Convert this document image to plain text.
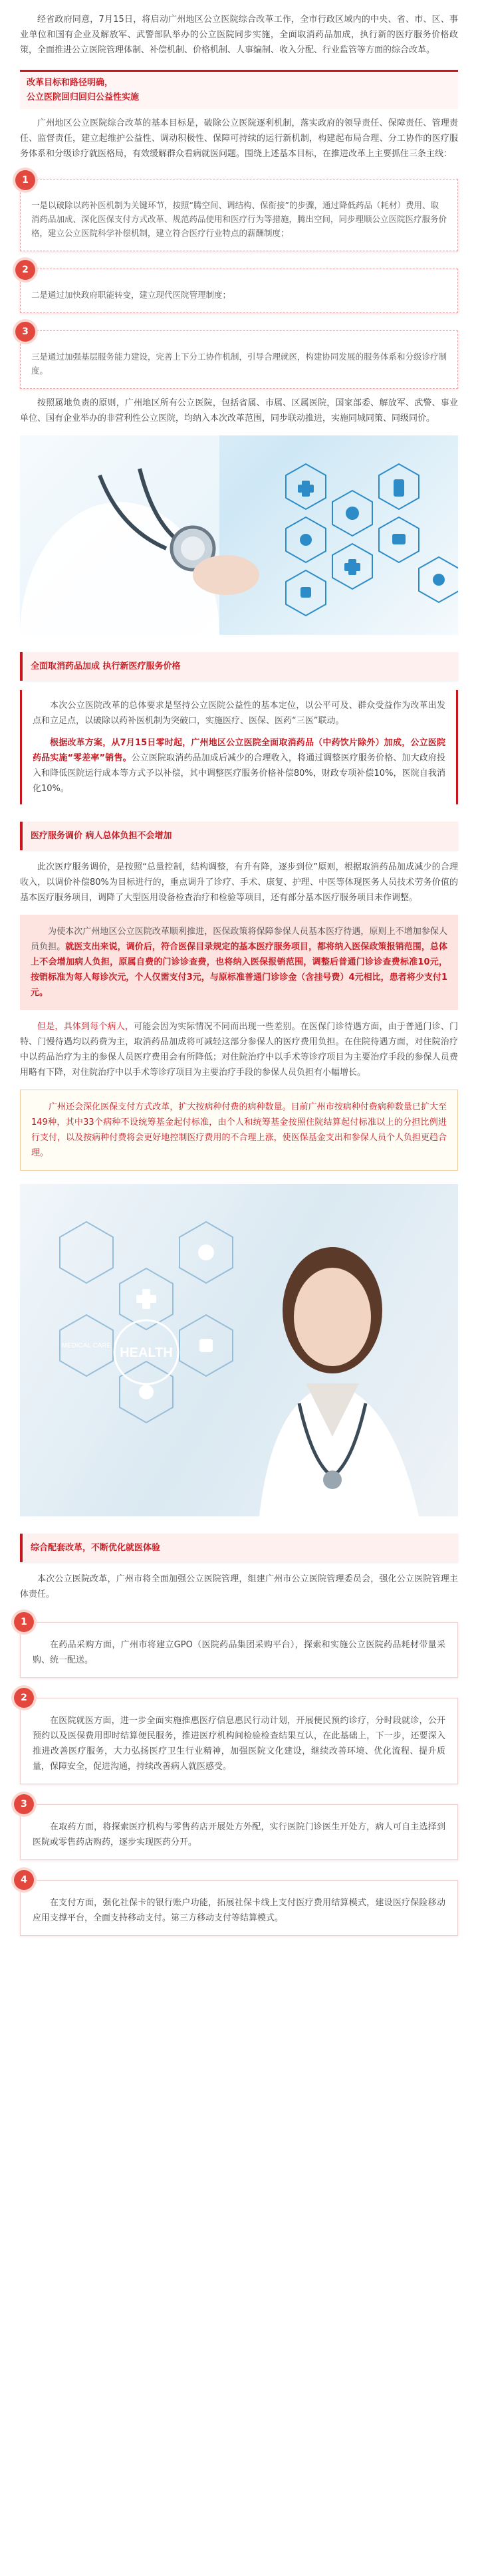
经省政府同意，7月15日，将启动广州地区公立医院综合改革工作，全市行政区域内的中央、省、市、区、事业单位和国有企业及解放军、武警部队举办的公立医院同步实施，全面取消药品加成，执行新的医疗服务价格政策，全面推进公立医院管理体制、补偿机制、价格机制、人事编制、收入分配、行业监管等方面的综合改革。

改革目标和路径明确，
公立医院回归回归公益性实施

广州地区公立医院综合改革的基本目标是，破除公立医院逐利机制，落实政府的领导责任、保障责任、管理责任、监督责任，建立起维护公益性、调动积极性、保障可持续的运行新机制，构建起布局合理、分工协作的医疗服务体系和分级诊疗就医格局，有效缓解群众看病就医问题。围绕上述基本目标，在推进改革上主要抓住三条主线：

1
一是以破除以药补医机制为关键环节，按照“腾空间、调结构、保衔接”的步骤，通过降低药品（耗材）费用、取消药品加成、深化医保支付方式改革、规范药品使用和医疗行为等措施，腾出空间，同步理顺公立医院医疗服务价格，建立公立医院科学补偿机制，建立符合医疗行业特点的薪酬制度；
2
二是通过加快政府职能转变，建立现代医院管理制度；
3
三是通过加强基层服务能力建设，完善上下分工协作机制，引导合理就医，构建协同发展的服务体系和分级诊疗制度。

按照属地负责的原则，广州地区所有公立医院，包括省属、市属、区属医院，国家部委、解放军、武警、事业单位、国有企业举办的非营利性公立医院，均纳入本次改革范围，同步联动推进，实施同城同策、同级同价。

全面取消药品加成 执行新医疗服务价格

本次公立医院改革的总体要求是坚持公立医院公益性的基本定位，以公平可及、群众受益作为改革出发点和立足点，以破除以药补医机制为突破口，实施医疗、医保、医药“三医”联动。

根据改革方案，从7月15日零时起，广州地区公立医院全面取消药品（中药饮片除外）加成，公立医院药品实施“零差率”销售。公立医院取消药品加成后减少的合理收入，将通过调整医疗服务价格、加大政府投入和降低医院运行成本等方式予以补偿，其中调整医疗服务价格补偿80%，财政专项补偿10%，医院自我消化10%。

医疗服务调价 病人总体负担不会增加

此次医疗服务调价，是按照“总量控制，结构调整，有升有降，逐步到位”原则，根据取消药品加成减少的合理收入，以调价补偿80%为目标进行的，重点调升了诊疗、手术、康复、护理、中医等体现医务人员技术劳务价值的基本医疗服务项目，调降了大型医用设备检查治疗和检验等项目，还有部分基本医疗服务项目未作调整。

为使本次广州地区公立医院改革顺利推进，医保政策将保障参保人员基本医疗待遇，原则上不增加参保人员负担。就医支出来说，调价后，符合医保目录规定的基本医疗服务项目，都将纳入医保政策报销范围，总体上不会增加病人负担，原属自费的门诊诊查费，也将纳入医保报销范围，调整后普通门诊诊查费标准10元，按销标准为每人每诊次元，个人仅需支付3元，与原标准普通门诊诊金（含挂号费）4元相比，患者将少支付1元。

但是，具体到每个病人，可能会因为实际情况不同而出现一些差别。在医保门诊待遇方面，由于普通门诊、门特、门慢待遇均以药费为主，取消药品加成将可减轻这部分参保人的医疗费用负担。在住院待遇方面，对住院治疗中以药品治疗为主的参保人员医疗费用会有所降低；对住院治疗中以手术等诊疗项目为主要治疗手段的参保人员费用略有下降，对住院治疗中以手术等诊疗项目为主要治疗手段的参保人员负担有小幅增长。

广州还会深化医保支付方式改革，扩大按病种付费的病种数量。目前广州市按病种付费病种数量已扩大至149种，其中33个病种不设统筹基金起付标准，由个人和统筹基金按照住院结算起付标准以上的分担比例进行支付，以及按病种付费将会更好地控制医疗费用的不合理上涨，使医保基金支出和参保人员个人负担更趋合理。

HEALTH
MEDICAL CARE
综合配套改革，不断优化就医体验

本次公立医院改革，广州市将全面加强公立医院管理，组建广州市公立医院管理委员会，强化公立医院管理主体责任。

1
在药品采购方面，广州市将建立GPO（医院药品集团采购平台），探索和实施公立医院药品耗材带量采购、统一配送。
2
在医院就医方面，进一步全面实施推惠医疗信息惠民行动计划，开展便民预约诊疗，分时段就诊，公开预约以及医保费用即时结算便民服务，推进医疗机构间检验检查结果互认，在此基础上，下一步，还要深入推进改善医疗服务，大力弘扬医疗卫生行业精神，加强医院文化建设，继续改善环境、优化流程、提升质量，保障安全，促进沟通，持续改善病人就医感受。
3
在取药方面，将探索医疗机构与零售药店开展处方外配，实行医院门诊医生开处方，病人可自主选择到医院或零售药店购药，逐步实现医药分开。
4
在支付方面，强化社保卡的银行账户功能，拓展社保卡线上支付医疗费用结算模式，建设医疗保险移动应用支撑平台，全面支持移动支付。第三方移动支付等结算模式。
